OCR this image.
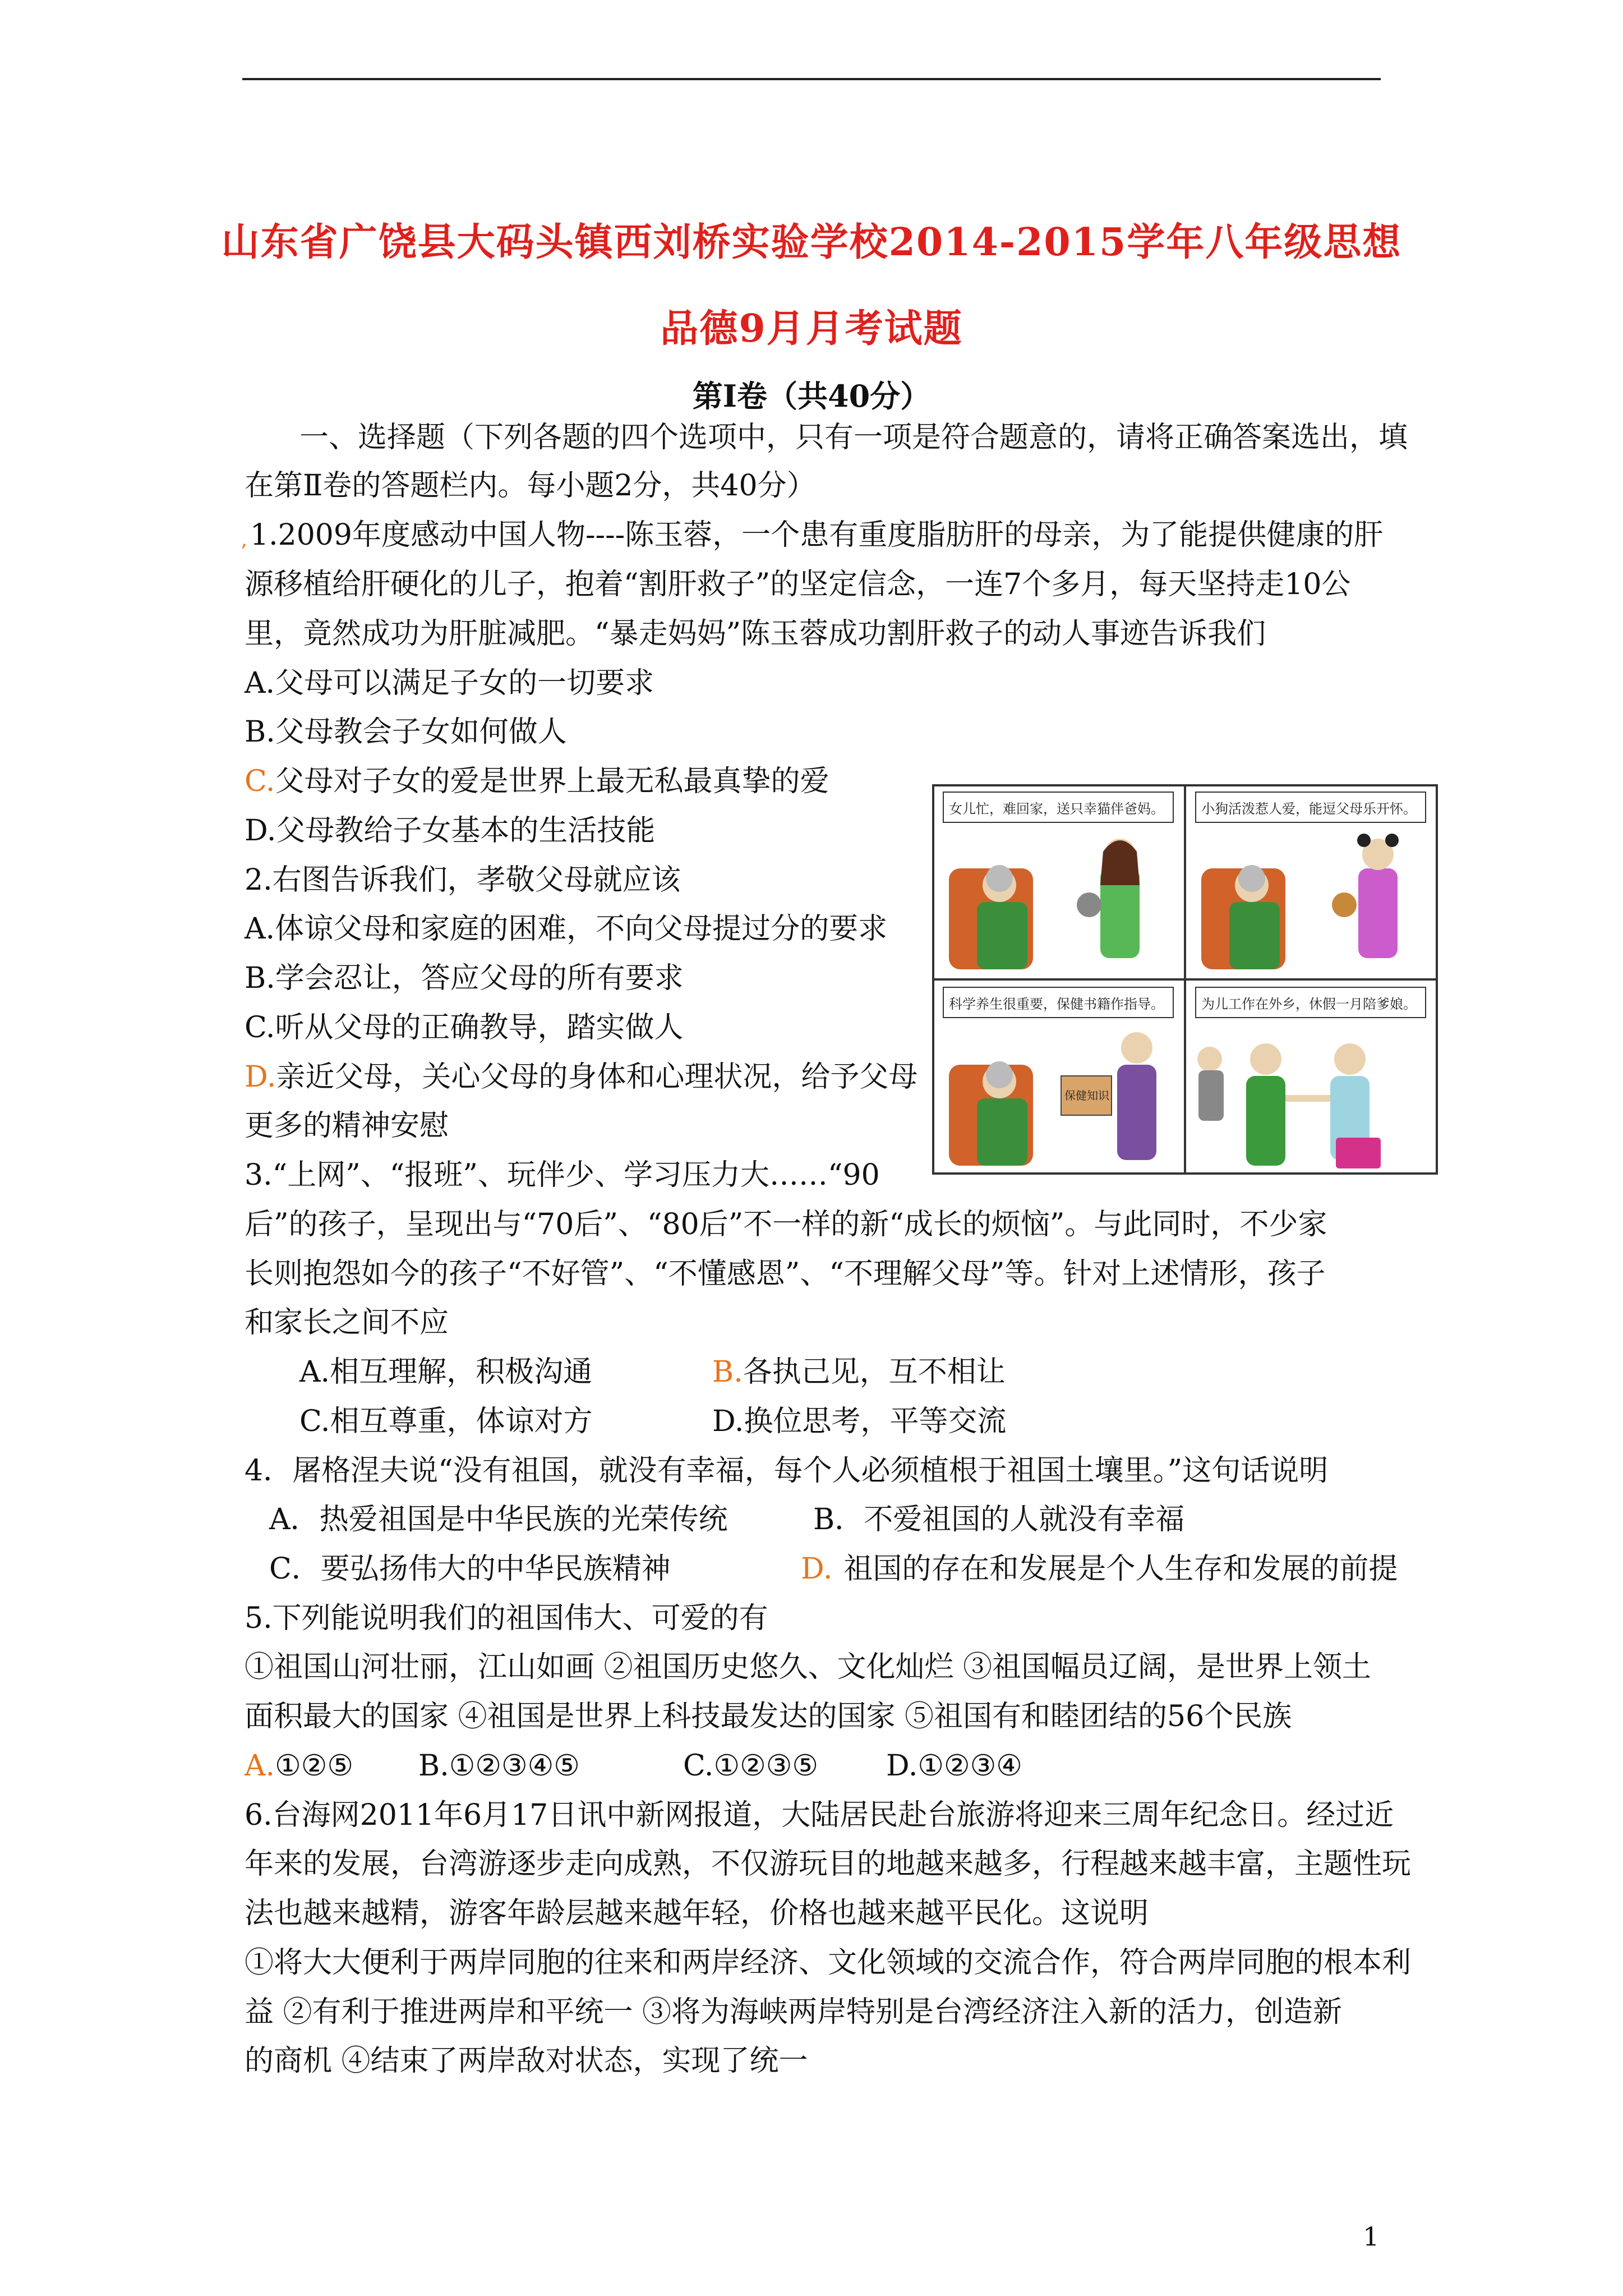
山东省广饶县大码头镇西刘桥实验学校2014-2015学年八年级思想
品德9月月考试题
第Ⅰ卷（共40分）
一、选择题（下列各题的四个选项中，只有一项是符合题意的，请将正确答案选出，填
在第Ⅱ卷的答题栏内。每小题2分，共40分）
, 1.2009年度感动中国人物----陈玉蓉，一个患有重度脂肪肝的母亲，为了能提供健康的肝
源移植给肝硬化的儿子，抱着“割肝救子”的坚定信念，一连7个多月，每天坚持走10公
里，竟然成功为肝脏减肥。“暴走妈妈”陈玉蓉成功割肝救子的动人事迹告诉我们
A.父母可以满足子女的一切要求
B.父母教会子女如何做人
C.父母对子女的爱是世界上最无私最真挚的爱
D.父母教给子女基本的生活技能
2.右图告诉我们，孝敬父母就应该
A.体谅父母和家庭的困难，不向父母提过分的要求
B.学会忍让，答应父母的所有要求
C.听从父母的正确教导，踏实做人
D.亲近父母，关心父母的身体和心理状况，给予父母
更多的精神安慰
女儿忙，难回家，送只幸猫伴爸妈。	小狗活泼惹人爱，能逗父母乐开怀。
科学养生很重要，保健书籍作指导。
保健知识
为儿工作在外乡，休假一月陪爹娘。
3.“上网”、“报班”、玩伴少、学习压力大……“90
后”的孩子，呈现出与“70后”、“80后”不一样的新“成长的烦恼”。与此同时，不少家
长则抱怨如今的孩子“不好管”、“不懂感恩”、“不理解父母”等。针对上述情形，孩子
和家长之间不应
A.相互理解，积极沟通	B.各执己见，互不相让
C.相互尊重，体谅对方	D.换位思考，平等交流
4．屠格涅夫说“没有祖国，就没有幸福，每个人必须植根于祖国土壤里。”这句话说明
A．热爱祖国是中华民族的光荣传统	B．不爱祖国的人就没有幸福
C．要弘扬伟大的中华民族精神	D. 祖国的存在和发展是个人生存和发展的前提
5.下列能说明我们的祖国伟大、可爱的有
①祖国山河壮丽，江山如画 ②祖国历史悠久、文化灿烂 ③祖国幅员辽阔，是世界上领土
面积最大的国家 ④祖国是世界上科技最发达的国家 ⑤祖国有和睦团结的56个民族
A.①②⑤ B.①②③④⑤	C.①②③⑤ D.①②③④
6.台海网2011年6月17日讯中新网报道，大陆居民赴台旅游将迎来三周年纪念日。经过近
年来的发展，台湾游逐步走向成熟，不仅游玩目的地越来越多，行程越来越丰富，主题性玩
法也越来越精，游客年龄层越来越年轻，价格也越来越平民化。这说明
①将大大便利于两岸同胞的往来和两岸经济、文化领域的交流合作，符合两岸同胞的根本利
益 ②有利于推进两岸和平统一 ③将为海峡两岸特别是台湾经济注入新的活力，创造新
的商机 ④结束了两岸敌对状态，实现了统一
1
